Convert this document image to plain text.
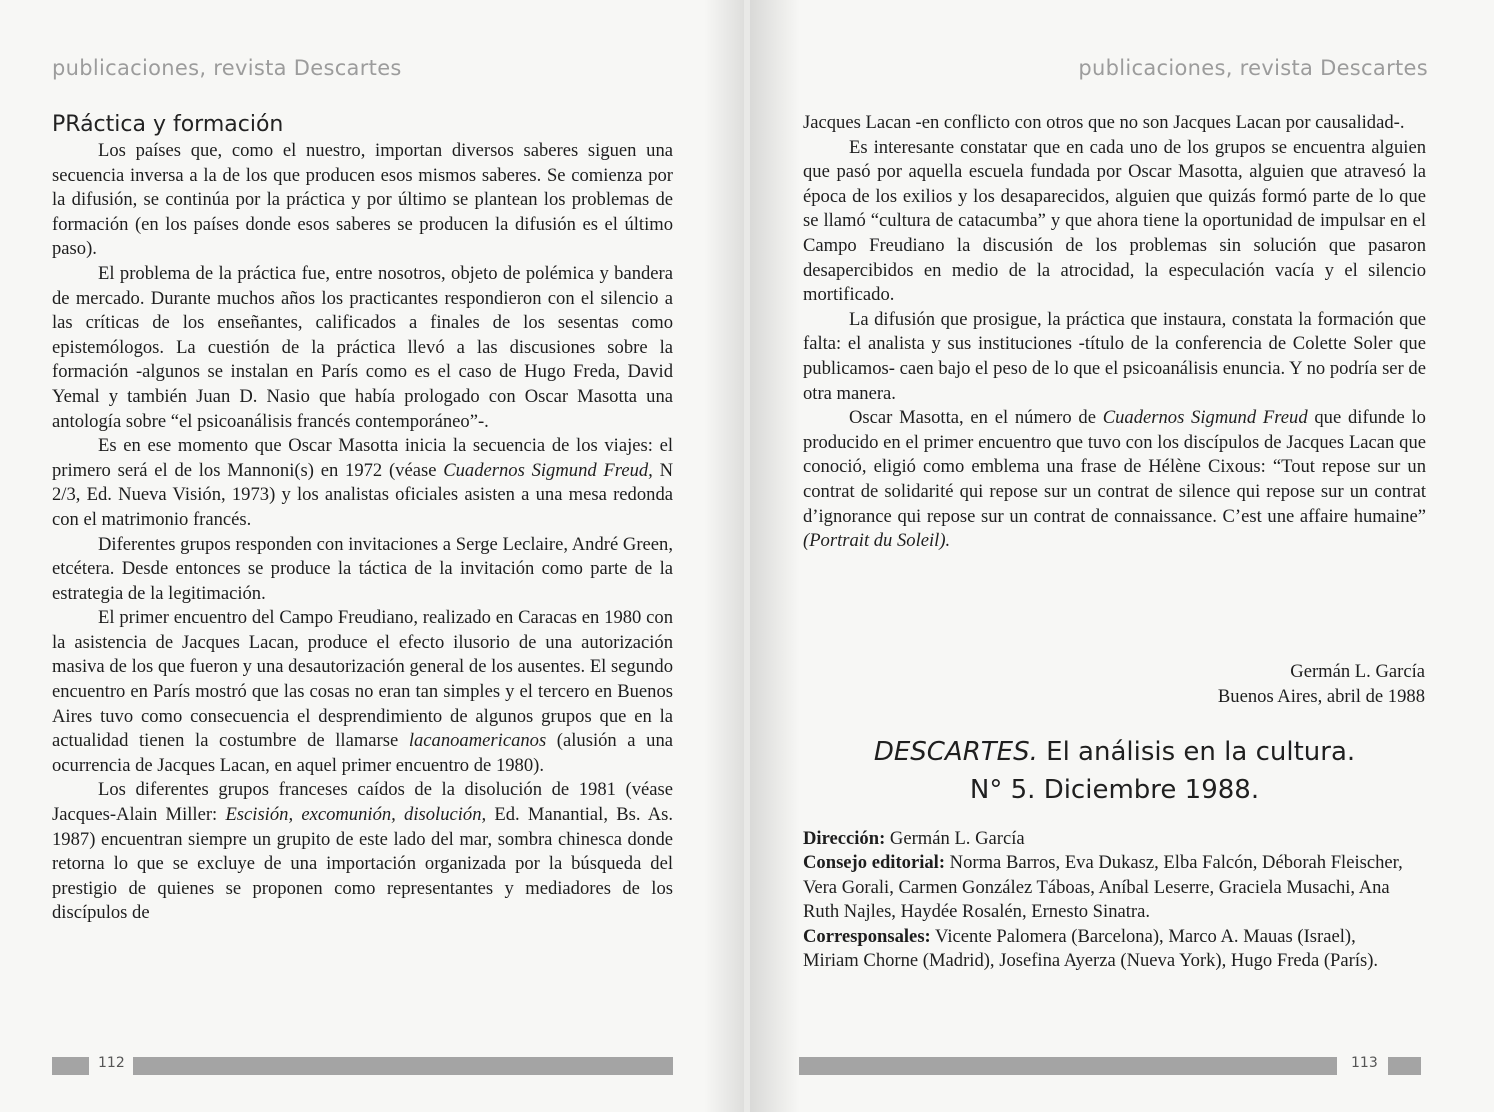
publicaciones, revista Descartes
PRáctica y formación

Los países que, como el nuestro, importan diversos saberes siguen una secuencia inversa a la de los que producen esos mismos saberes. Se comienza por la difusión, se continúa por la práctica y por último se plantean los problemas de formación (en los países donde esos saberes se producen la difusión es el último paso).

El problema de la práctica fue, entre nosotros, objeto de polémica y bandera de mercado. Durante muchos años los practicantes respondieron con el silencio a las críticas de los enseñantes, calificados a finales de los sesentas como epistemólogos. La cuestión de la práctica llevó a las discusiones sobre la formación -algunos se instalan en París como es el caso de Hugo Freda, David Yemal y también Juan D. Nasio que había prologado con Oscar Masotta una antología sobre “el psicoanálisis francés contemporáneo”-.

Es en ese momento que Oscar Masotta inicia la secuencia de los viajes: el primero será el de los Mannoni(s) en 1972 (véase Cuadernos Sigmund Freud, N 2/3, Ed. Nueva Visión, 1973) y los analistas oficiales asisten a una mesa redonda con el matrimonio francés.

Diferentes grupos responden con invitaciones a Serge Leclaire, André Green, etcétera. Desde entonces se produce la táctica de la invitación como parte de la estrategia de la legitimación.

El primer encuentro del Campo Freudiano, realizado en Caracas en 1980 con la asistencia de Jacques Lacan, produce el efecto ilusorio de una autorización masiva de los que fueron y una desautorización general de los ausentes. El segundo encuentro en París mostró que las cosas no eran tan simples y el tercero en Buenos Aires tuvo como consecuencia el desprendimiento de algunos grupos que en la actualidad tienen la costumbre de llamarse lacanoamericanos (alusión a una ocurrencia de Jacques Lacan, en aquel primer encuentro de 1980).

Los diferentes grupos franceses caídos de la disolución de 1981 (véase Jacques-Alain Miller: Escisión, excomunión, disolución, Ed. Manantial, Bs. As. 1987) encuentran siempre un grupito de este lado del mar, sombra chinesca donde retorna lo que se excluye de una importación organizada por la búsqueda del prestigio de quienes se proponen como representantes y mediadores de los discípulos de

112
publicaciones, revista Descartes

Jacques Lacan -en conflicto con otros que no son Jacques Lacan por causalidad-.

Es interesante constatar que en cada uno de los grupos se encuentra alguien que pasó por aquella escuela fundada por Oscar Masotta, alguien que atravesó la época de los exilios y los desaparecidos, alguien que quizás formó parte de lo que se llamó “cultura de catacumba” y que ahora tiene la oportunidad de impulsar en el Campo Freudiano la discusión de los problemas sin solución que pasaron desapercibidos en medio de la atrocidad, la especulación vacía y el silencio mortificado.

La difusión que prosigue, la práctica que instaura, constata la formación que falta: el analista y sus instituciones -título de la conferencia de Colette Soler que publicamos- caen bajo el peso de lo que el psicoanálisis enuncia. Y no podría ser de otra manera.

Oscar Masotta, en el número de Cuadernos Sigmund Freud que difunde lo producido en el primer encuentro que tuvo con los discípulos de Jacques Lacan que conoció, eligió como emblema una frase de Hélène Cixous: “Tout repose sur un contrat de solidarité qui repose sur un contrat de silence qui repose sur un contrat d’ignorance qui repose sur un contrat de connaissance. C’est une affaire humaine” (Portrait du Soleil).

Germán L. García
Buenos Aires, abril de 1988
DESCARTES. El análisis en la cultura.
N° 5. Diciembre 1988.

Dirección: Germán L. García

Consejo editorial: Norma Barros, Eva Dukasz, Elba Falcón, Déborah Fleischer, Vera Gorali, Carmen González Táboas, Aníbal Leserre, Graciela Musachi, Ana Ruth Najles, Haydée Rosalén, Ernesto Sinatra.

Corresponsales: Vicente Palomera (Barcelona), Marco A. Mauas (Israel), Miriam Chorne (Madrid), Josefina Ayerza (Nueva York), Hugo Freda (París).

113
